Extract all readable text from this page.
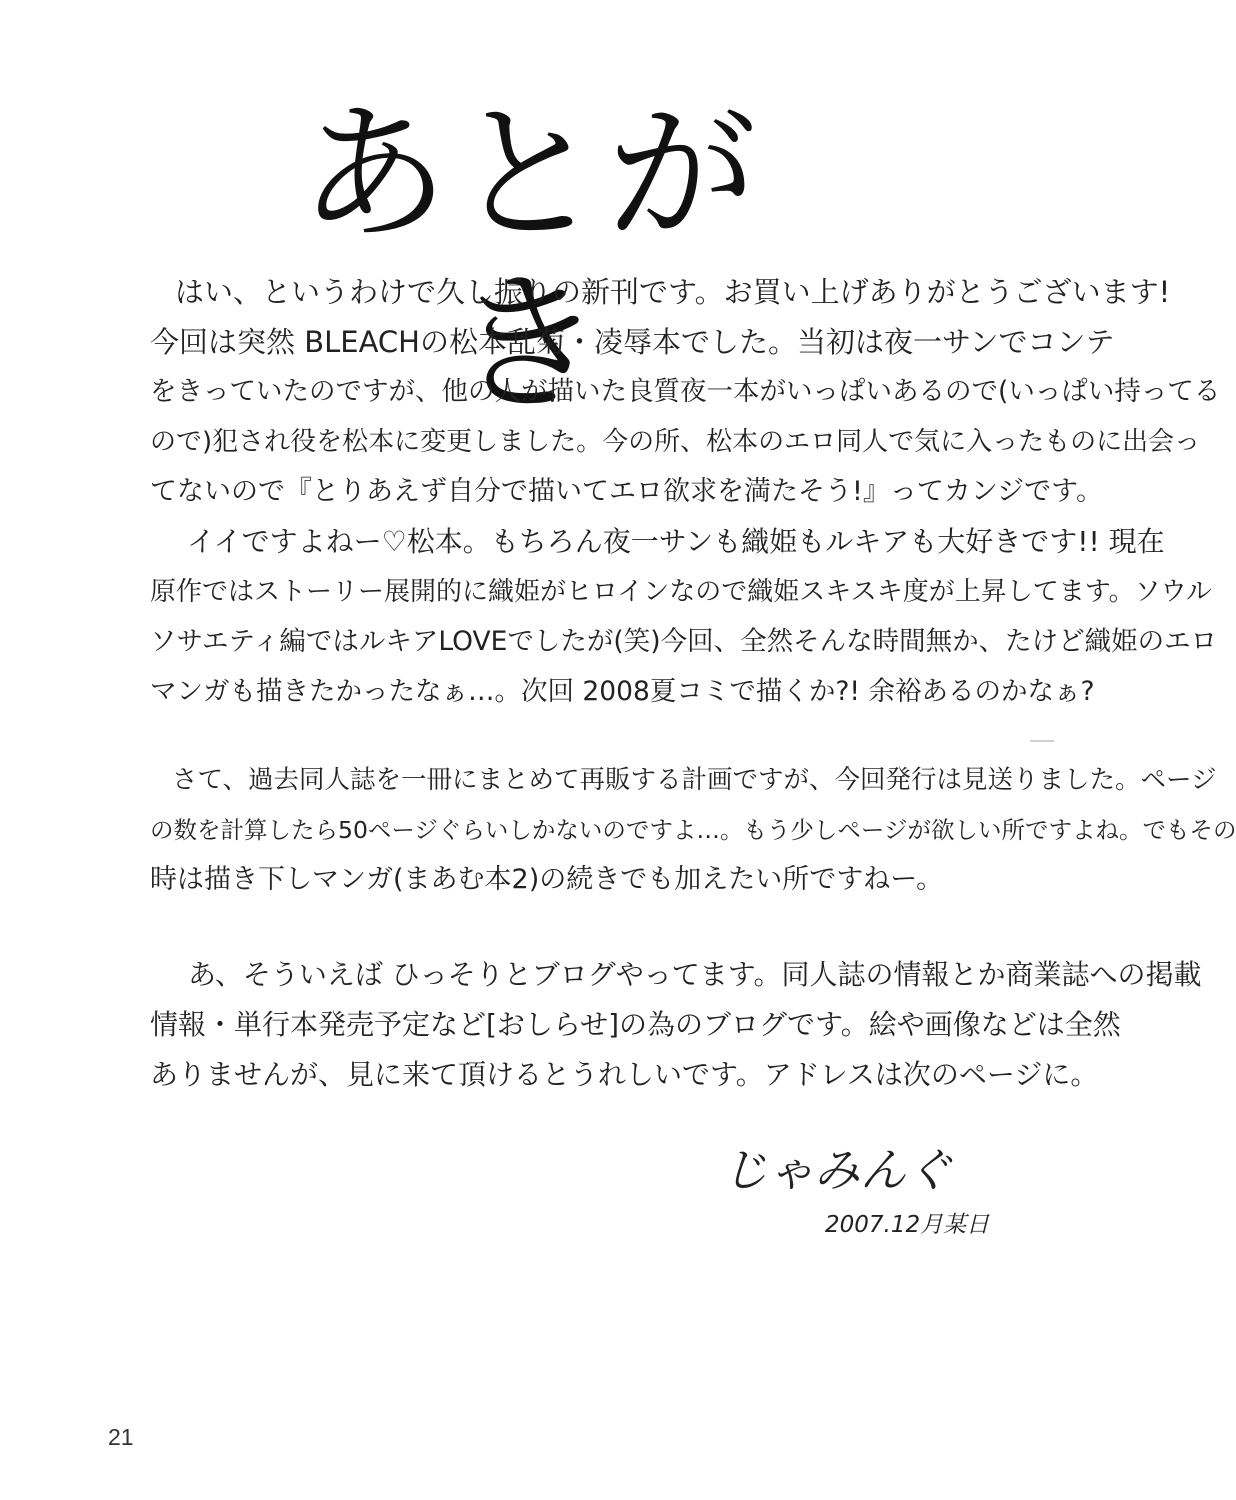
あとがき
はい、というわけで久し振りの新刊です。お買い上げありがとうございます!
今回は突然 BLEACHの松本乱菊・凌辱本でした。当初は夜一サンでコンテ
をきっていたのですが、他の人が描いた良質夜一本がいっぱいあるので(いっぱい持ってる
ので)犯され役を松本に変更しました。今の所、松本のエロ同人で気に入ったものに出会っ
てないので『とりあえず自分で描いてエロ欲求を満たそう!』ってカンジです。
イイですよねー♡松本。もちろん夜一サンも織姫もルキアも大好きです!! 現在
原作ではストーリー展開的に織姫がヒロインなので織姫スキスキ度が上昇してます。ソウル
ソサエティ編ではルキアLOVEでしたが(笑)今回、全然そんな時間無か、たけど織姫のエロ
マンガも描きたかったなぁ…。次回 2008夏コミで描くか?! 余裕あるのかなぁ?
さて、過去同人誌を一冊にまとめて再販する計画ですが、今回発行は見送りました。ページ
の数を計算したら50ページぐらいしかないのですよ…。もう少しページが欲しい所ですよね。でもその
時は描き下しマンガ(まあむ本2)の続きでも加えたい所ですねー。
あ、そういえば ひっそりとブログやってます。同人誌の情報とか商業誌への掲載
情報・単行本発売予定など[おしらせ]の為のブログです。絵や画像などは全然
ありませんが、見に来て頂けるとうれしいです。アドレスは次のページに。
じゃみんぐ
2007.12月某日
21
